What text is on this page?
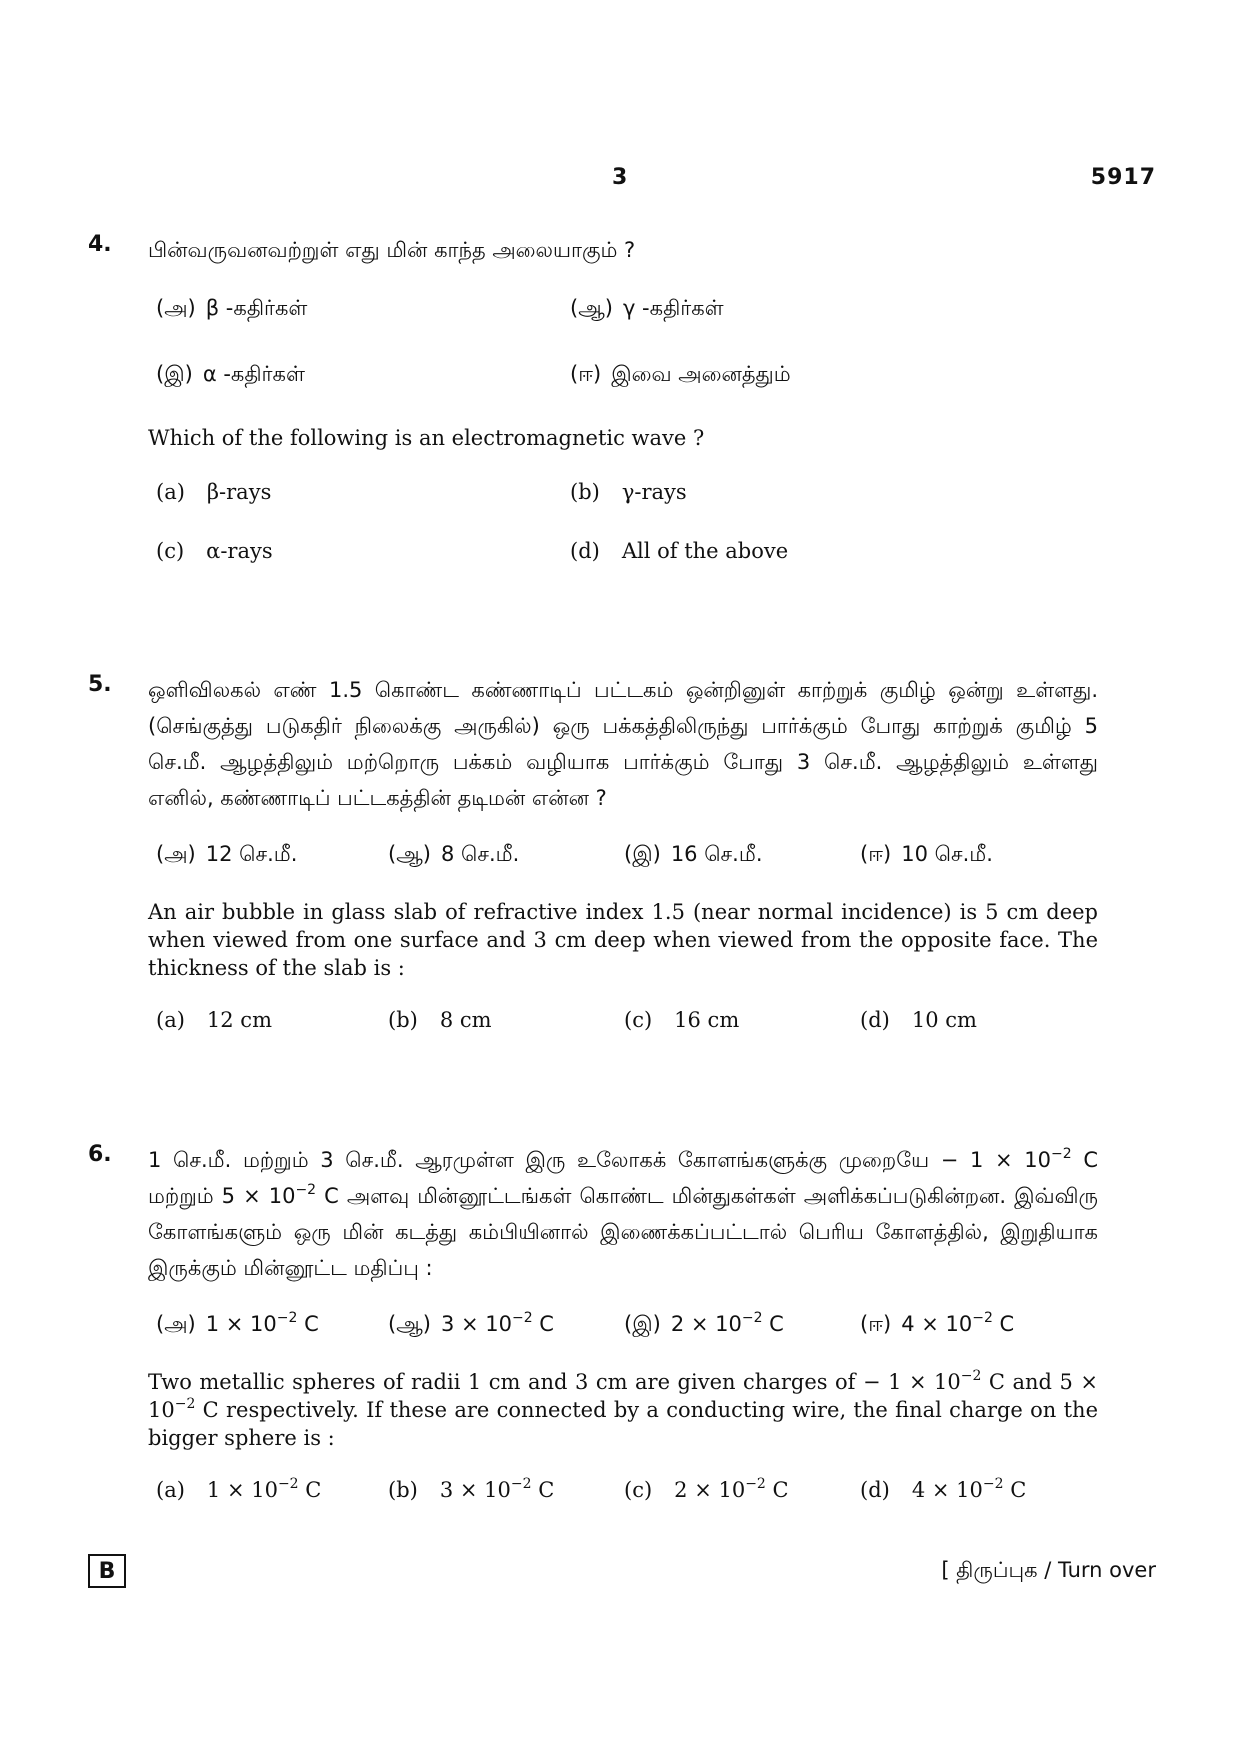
3	5917
4. பின்வருவனவற்றுள் எது மின் காந்த அலையாகும் ?
(அ) β -கதிர்கள்	(ஆ) γ -கதிர்கள்
(இ) α -கதிர்கள்	(ஈ) இவை அனைத்தும்
Which of the following is an electromagnetic wave ?
(a) β-rays	(b) γ-rays
(c) α-rays	(d) All of the above
5. ஒளிவிலகல் எண் 1.5 கொண்ட கண்ணாடிப் பட்டகம் ஒன்றினுள் காற்றுக் குமிழ் ஒன்று உள்ளது. (செங்குத்து படுகதிர் நிலைக்கு அருகில்) ஒரு பக்கத்திலிருந்து பார்க்கும் போது காற்றுக் குமிழ் 5 செ.மீ. ஆழத்திலும் மற்றொரு பக்கம் வழியாக பார்க்கும் போது 3 செ.மீ. ஆழத்திலும் உள்ளது எனில், கண்ணாடிப் பட்டகத்தின் தடிமன் என்ன ?
(அ) 12 செ.மீ.	(ஆ) 8 செ.மீ.	(இ) 16 செ.மீ.	(ஈ) 10 செ.மீ.
An air bubble in glass slab of refractive index 1.5 (near normal incidence) is 5 cm deep when viewed from one surface and 3 cm deep when viewed from the opposite face. The thickness of the slab is :
(a) 12 cm	(b) 8 cm	(c) 16 cm	(d) 10 cm
6. 1 செ.மீ. மற்றும் 3 செ.மீ. ஆரமுள்ள இரு உலோகக் கோளங்களுக்கு முறையே − $1 \times 10^{-2}$ C மற்றும் $5 \times 10^{-2}$ C அளவு மின்னூட்டங்கள் கொண்ட மின்துகள்கள் அளிக்கப்படுகின்றன. இவ்விரு கோளங்களும் ஒரு மின் கடத்து கம்பியினால் இணைக்கப்பட்டால் பெரிய கோளத்தில், இறுதியாக இருக்கும் மின்னூட்ட மதிப்பு :
(அ) $1 \times 10^{-2}$ C	(ஆ) $3 \times 10^{-2}$ C	(இ) $2 \times 10^{-2}$ C	(ஈ) $4 \times 10^{-2}$ C
Two metallic spheres of radii 1 cm and 3 cm are given charges of − $1 \times 10^{-2}$ C and $5 \times 10^{-2}$ C respectively. If these are connected by a conducting wire, the final charge on the bigger sphere is :
(a) $1 \times 10^{-2}$ C	(b) $3 \times 10^{-2}$ C	(c) $2 \times 10^{-2}$ C	(d) $4 \times 10^{-2}$ C
B	[ திருப்புக / Turn over
